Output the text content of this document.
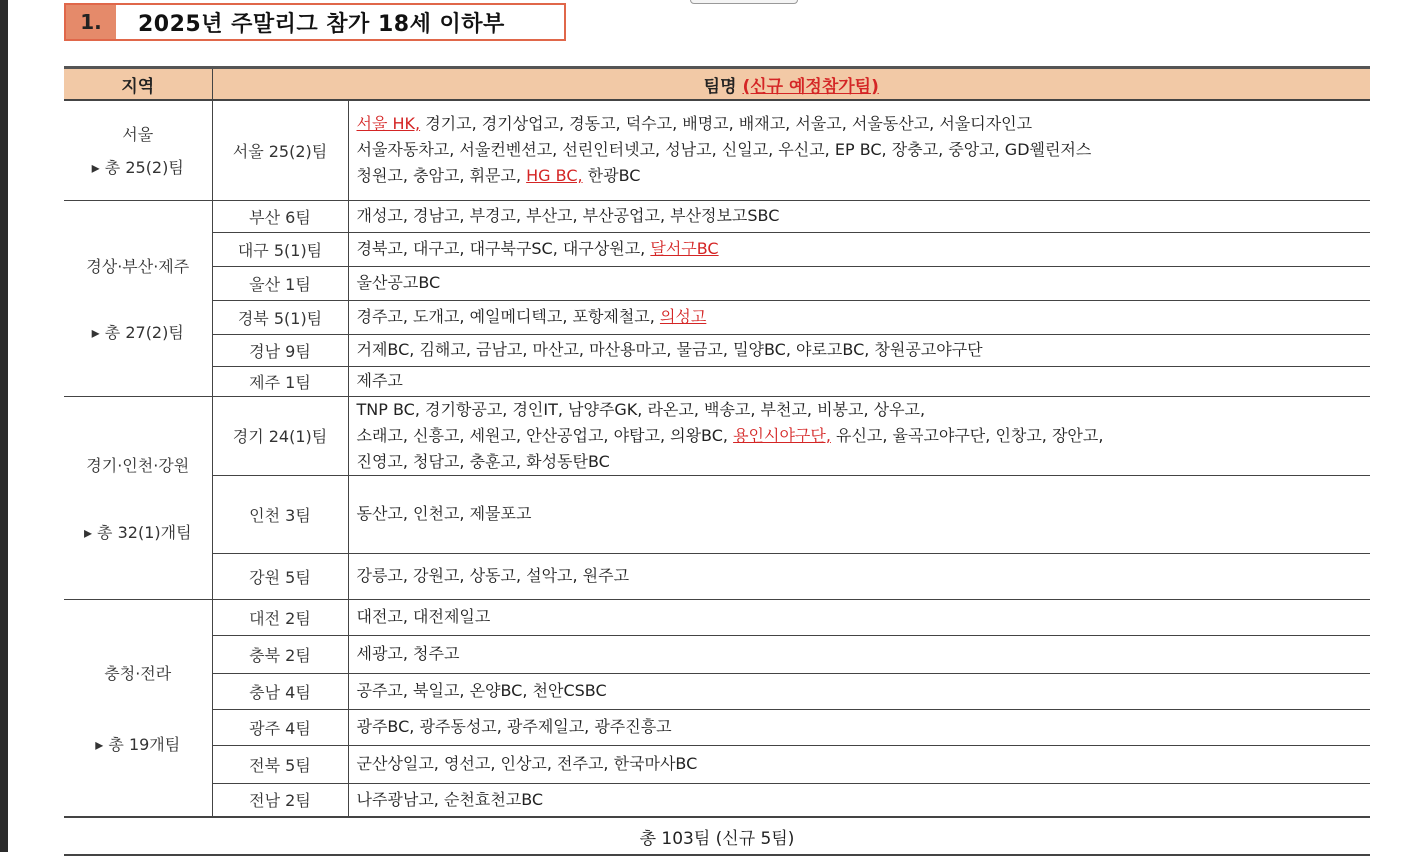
1.	2025년 주말리그 참가 18세 이하부
지역	팀명 (신규 예정참가팀)	

서울
▸ 총 25(2)팀	서울 25(2)팀	서울 HK, 경기고, 경기상업고, 경동고, 덕수고, 배명고, 배재고, 서울고, 서울동산고, 서울디자인고
서울자동차고, 서울컨벤션고, 선린인터넷고, 성남고, 신일고, 우신고, EP BC, 장충고, 중앙고, GD웰린저스
청원고, 충암고, 휘문고, HG BC, 한광BC

경상·부산·제주
▸ 총 27(2)팀	부산 6팀	개성고, 경남고, 부경고, 부산고, 부산공업고, 부산정보고SBC

	대구 5(1)팀	경북고, 대구고, 대구북구SC, 대구상원고, 달서구BC

	울산 1팀	울산공고BC

	경북 5(1)팀	경주고, 도개고, 예일메디텍고, 포항제철고, 의성고

	경남 9팀	거제BC, 김해고, 금남고, 마산고, 마산용마고, 물금고, 밀양BC, 야로고BC, 창원공고야구단

	제주 1팀	제주고

경기·인천·강원
▸ 총 32(1)개팀	경기 24(1)팀	TNP BC, 경기항공고, 경인IT, 남양주GK, 라온고, 백송고, 부천고, 비봉고, 상우고,
소래고, 신흥고, 세원고, 안산공업고, 야탑고, 의왕BC, 용인시야구단, 유신고, 율곡고야구단, 인창고, 장안고,
진영고, 청담고, 충훈고, 화성동탄BC

	인천 3팀	동산고, 인천고, 제물포고

	강원 5팀	강릉고, 강원고, 상동고, 설악고, 원주고

충청·전라
▸ 총 19개팀	대전 2팀	대전고, 대전제일고

	충북 2팀	세광고, 청주고

	충남 4팀	공주고, 북일고, 온양BC, 천안CSBC

	광주 4팀	광주BC, 광주동성고, 광주제일고, 광주진흥고

	전북 5팀	군산상일고, 영선고, 인상고, 전주고, 한국마사BC

	전남 2팀	나주광남고, 순천효천고BC

총 103팀 (신규 5팀)		
